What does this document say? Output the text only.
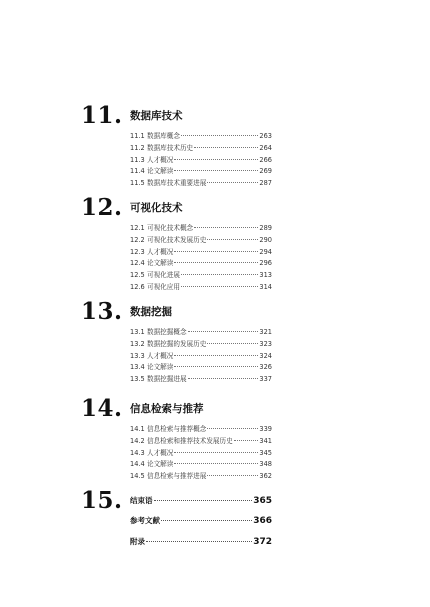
11. 数据库技术
11.1 数据库概念	263
11.2 数据库技术历史	264
11.3 人才概况	266
11.4 论文解读	269
11.5 数据库技术重要进展	287
12. 可视化技术
12.1 可视化技术概念	289
12.2 可视化技术发展历史	290
12.3 人才概况	294
12.4 论文解读	296
12.5 可视化进展	313
12.6 可视化应用	314
13. 数据挖掘
13.1 数据挖掘概念	321
13.2 数据挖掘的发展历史	323
13.3 人才概况	324
13.4 论文解读	326
13.5 数据挖掘进展	337
14. 信息检索与推荐
14.1 信息检索与推荐概念	339
14.2 信息检索和推荐技术发展历史	341
14.3 人才概况	345
14.4 论文解读	348
14.5 信息检索与推荐进展	362
15. 结束语	365
参考文献	366
附录	372
